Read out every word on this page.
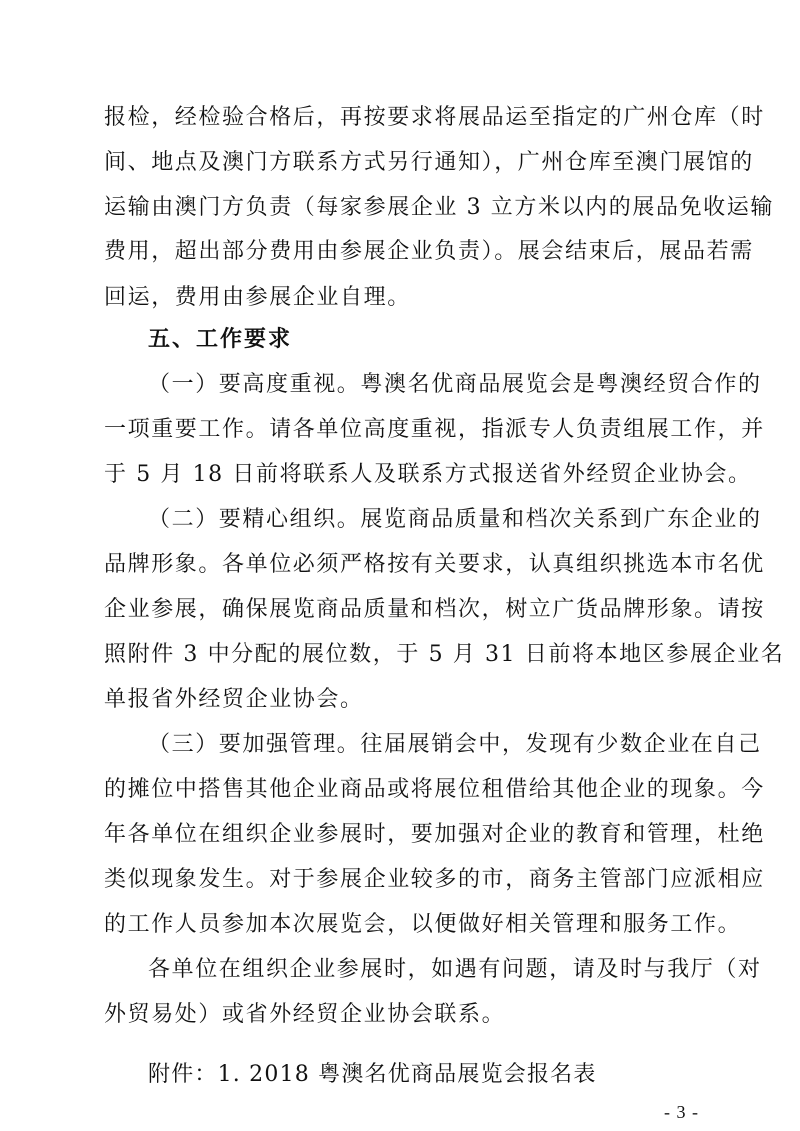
报检，经检验合格后，再按要求将展品运至指定的广州仓库（时
间、地点及澳门方联系方式另行通知），广州仓库至澳门展馆的
运输由澳门方负责（每家参展企业 3 立方米以内的展品免收运输
费用，超出部分费用由参展企业负责）。展会结束后，展品若需
回运，费用由参展企业自理。
五、工作要求
（一）要高度重视。粤澳名优商品展览会是粤澳经贸合作的
一项重要工作。请各单位高度重视，指派专人负责组展工作，并
于 5 月 18 日前将联系人及联系方式报送省外经贸企业协会。
（二）要精心组织。展览商品质量和档次关系到广东企业的
品牌形象。各单位必须严格按有关要求，认真组织挑选本市名优
企业参展，确保展览商品质量和档次，树立广货品牌形象。请按
照附件 3 中分配的展位数，于 5 月 31 日前将本地区参展企业名
单报省外经贸企业协会。
（三）要加强管理。往届展销会中，发现有少数企业在自己
的摊位中搭售其他企业商品或将展位租借给其他企业的现象。今
年各单位在组织企业参展时，要加强对企业的教育和管理，杜绝
类似现象发生。对于参展企业较多的市，商务主管部门应派相应
的工作人员参加本次展览会，以便做好相关管理和服务工作。
各单位在组织企业参展时，如遇有问题，请及时与我厅（对
外贸易处）或省外经贸企业协会联系。
附件：1. 2018 粤澳名优商品展览会报名表
- 3 -
